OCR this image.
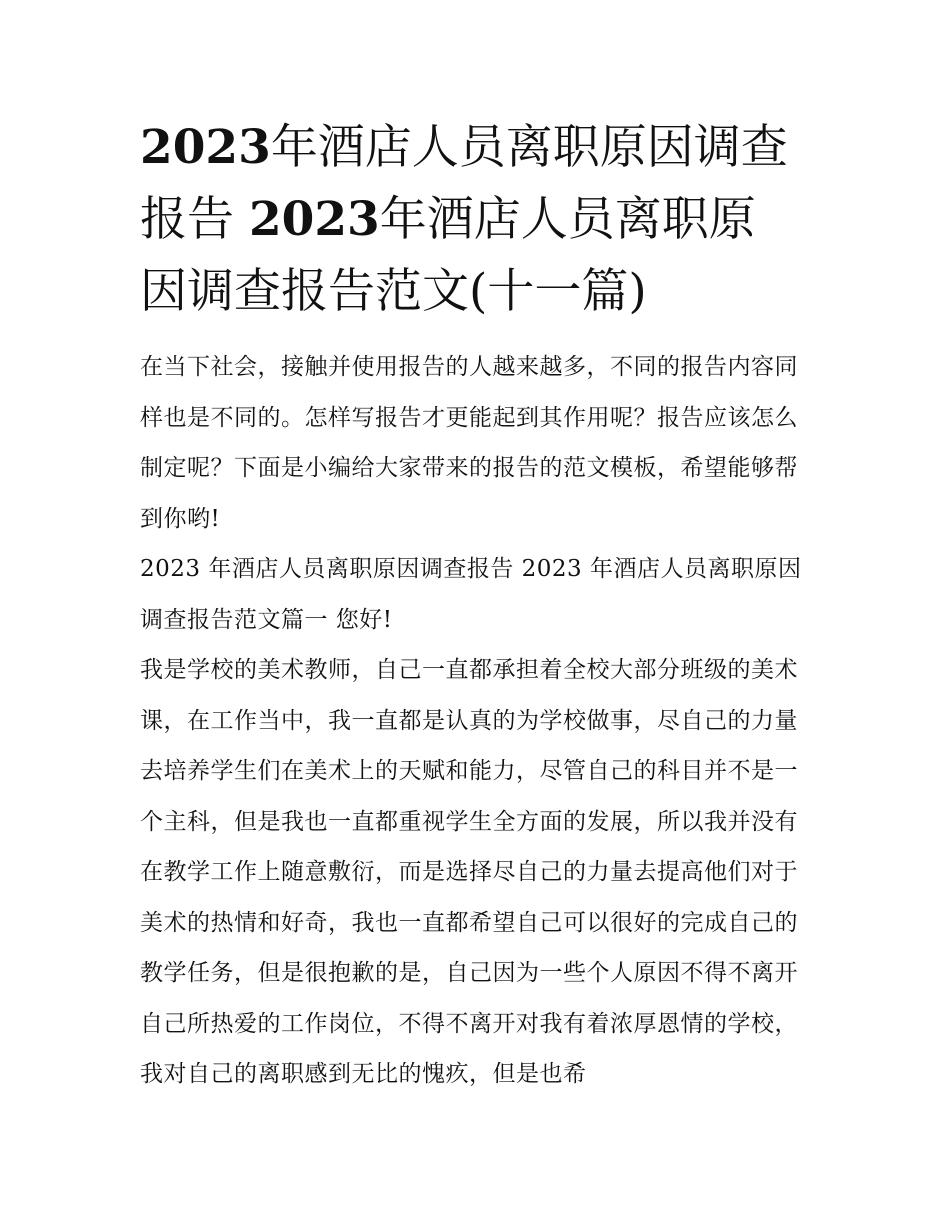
2023年酒店人员离职原因调查
报告 2023年酒店人员离职原
因调查报告范文(十一篇)

在当下社会，接触并使用报告的人越来越多，不同的报告内容同样也是不同的。怎样写报告才更能起到其作用呢？报告应该怎么制定呢？下面是小编给大家带来的报告的范文模板，希望能够帮到你哟!

2023 年酒店人员离职原因调查报告 2023 年酒店人员离职原因调查报告范文篇一 您好!

我是学校的美术教师，自己一直都承担着全校大部分班级的美术课，在工作当中，我一直都是认真的为学校做事，尽自己的力量去培养学生们在美术上的天赋和能力，尽管自己的科目并不是一个主科，但是我也一直都重视学生全方面的发展，所以我并没有在教学工作上随意敷衍，而是选择尽自己的力量去提高他们对于美术的热情和好奇，我也一直都希望自己可以很好的完成自己的教学任务，但是很抱歉的是，自己因为一些个人原因不得不离开自己所热爱的工作岗位，不得不离开对我有着浓厚恩情的学校，我对自己的离职感到无比的愧疚，但是也希
